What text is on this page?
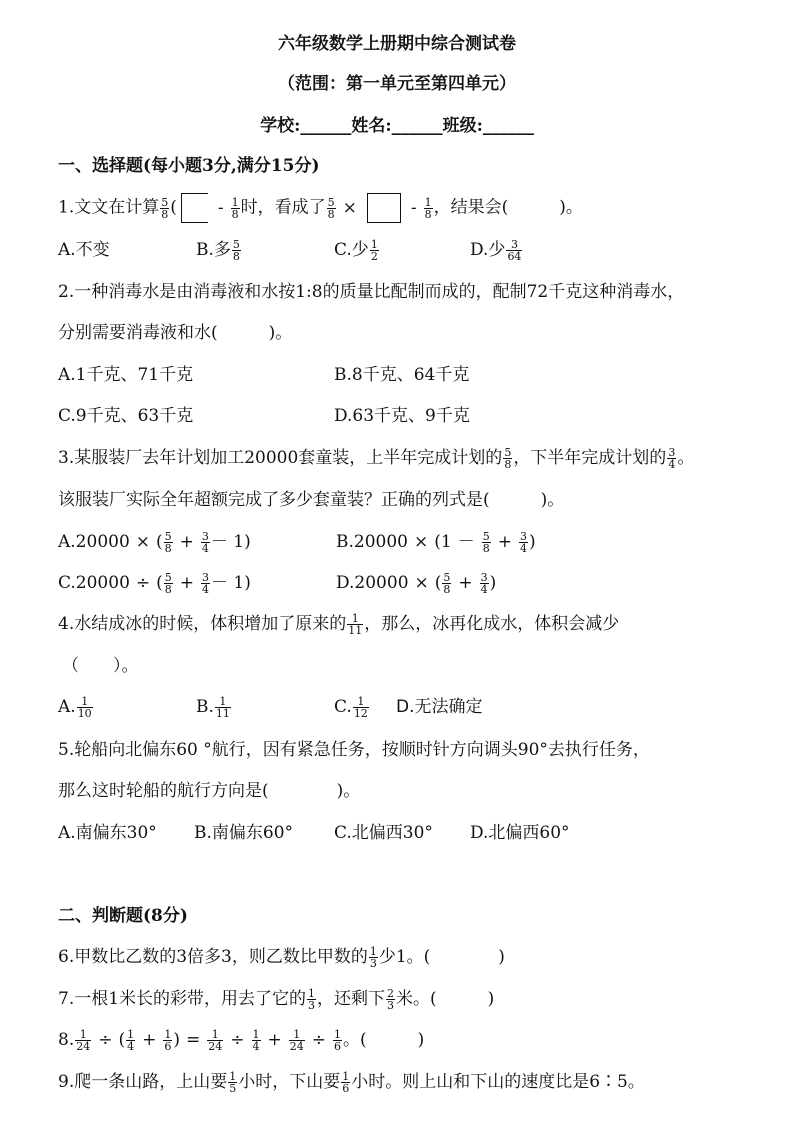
六年级数学上册期中综合测试卷
（范围：第一单元至第四单元）
学校:______姓名:______班级:______
一、选择题(每小题3分,满分15分)
1.文文在计算 $\frac{5}{8}$ ( - $\frac{1}{8}$ 时，看成了 $\frac{5}{8}$ ×	- $\frac{1}{8}$ ，结果会(　　　)。
A.不变	B.多 $\frac{5}{8}$	C.少 $\frac{1}{2}$	D.少 $\frac{3}{64}$
2.一种消毒水是由消毒液和水按1:8的质量比配制而成的，配制72千克这种消毒水，
分别需要消毒液和水(　　　)。
A.1千克、71千克	B.8千克、64千克
C.9千克、63千克	D.63千克、9千克
3.某服装厂去年计划加工20000套童装，上半年完成计划的 $\frac{5}{8}$ ，下半年完成计划的 $\frac{3}{4}$ 。
该服装厂实际全年超额完成了多少套童装？正确的列式是(　　　)。
A.20000 × ( $\frac{5}{8} + \frac{3}{4} - 1$)	$B.20000 \times (1 - \frac{5}{8} + \frac{3}{4}$ )
C.20000 ÷ ( $\frac{5}{8} + \frac{3}{4} - 1$)	D.20000 × ( $\frac{5}{8} + \frac{3}{4}$ )
4.水结成冰的时候，体积增加了原来的 $\frac{1}{11}$ ，那么，冰再化成水，体积会减少
（　　）。
A. $\frac{1}{10}$	B. $\frac{1}{11}$	C. $\frac{1}{12} D$.无法确定
5.轮船向北偏东60 °航行，因有紧急任务，按顺时针方向调头90°去执行任务，
那么这时轮船的航行方向是(　　　　)。
A.南偏东30° B.南偏东60° C.北偏西30° D.北偏西60°
二、判断题(8分)
6.甲数比乙数的3倍多3，则乙数比甲数的 $\frac{1}{3}$ 少1。(　　　　)
7.一根1米长的彩带，用去了它的 $\frac{1}{3}$ ，还剩下 $\frac{2}{3}$ 米。(　　　)
8. $\frac{1}{24}$ ÷ ( $\frac{1}{4} + \frac{1}{6}$ ) = $\frac{1}{24} \div \frac{1}{4} + \frac{1}{24} \div \frac{1}{6}$ 。(　　　)
9.爬一条山路，上山要 $\frac{1}{5}$ 小时，下山要 $\frac{1}{6}$ 小时。则上山和下山的速度比是6∶5。
